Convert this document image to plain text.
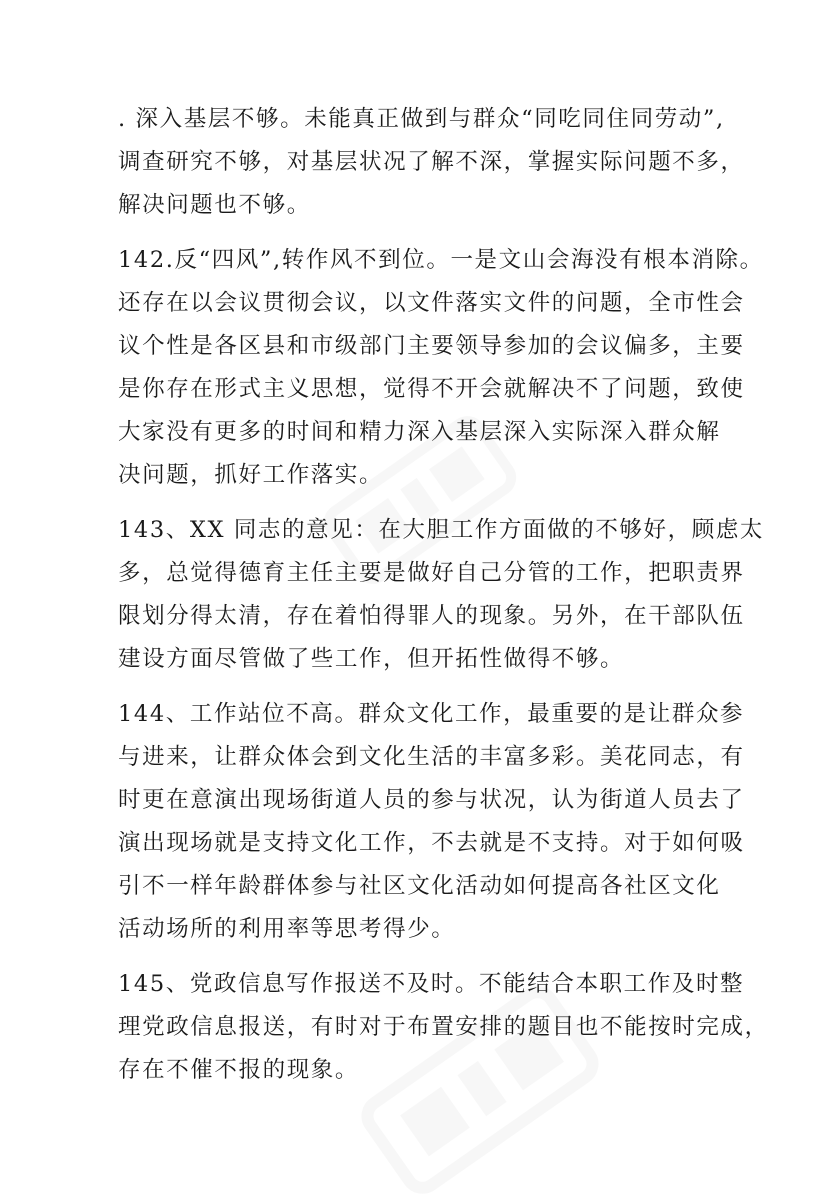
. 深入基层不够。未能真正做到与群众“同吃同住同劳动”,
调查研究不够，对基层状况了解不深，掌握实际问题不多，
解决问题也不够。
142.反“四风”,转作风不到位。一是文山会海没有根本消除。
还存在以会议贯彻会议，以文件落实文件的问题，全市性会
议个性是各区县和市级部门主要领导参加的会议偏多，主要
是你存在形式主义思想，觉得不开会就解决不了问题，致使
大家没有更多的时间和精力深入基层深入实际深入群众解
决问题，抓好工作落实。
143、XX 同志的意见：在大胆工作方面做的不够好，顾虑太
多，总觉得德育主任主要是做好自己分管的工作，把职责界
限划分得太清，存在着怕得罪人的现象。另外，在干部队伍
建设方面尽管做了些工作，但开拓性做得不够。
144、工作站位不高。群众文化工作，最重要的是让群众参
与进来，让群众体会到文化生活的丰富多彩。美花同志，有
时更在意演出现场街道人员的参与状况，认为街道人员去了
演出现场就是支持文化工作，不去就是不支持。对于如何吸
引不一样年龄群体参与社区文化活动如何提高各社区文化
活动场所的利用率等思考得少。
145、党政信息写作报送不及时。不能结合本职工作及时整
理党政信息报送，有时对于布置安排的题目也不能按时完成，
存在不催不报的现象。
